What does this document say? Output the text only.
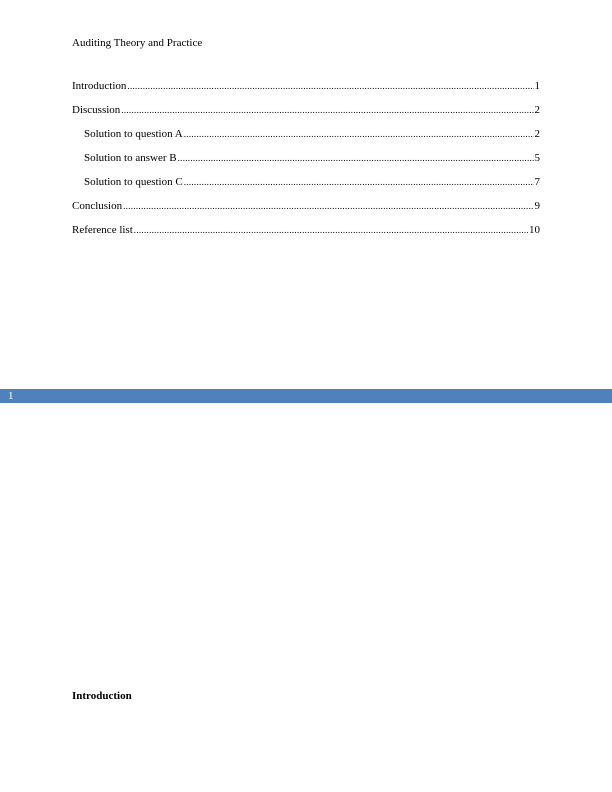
Auditing Theory and Practice
Introduction .....	1
Discussion .....	2
Solution to question A .....	2
Solution to answer B .....	5
Solution to question C .....	7
Conclusion .....	9
Reference list .....	10
1
Introduction
